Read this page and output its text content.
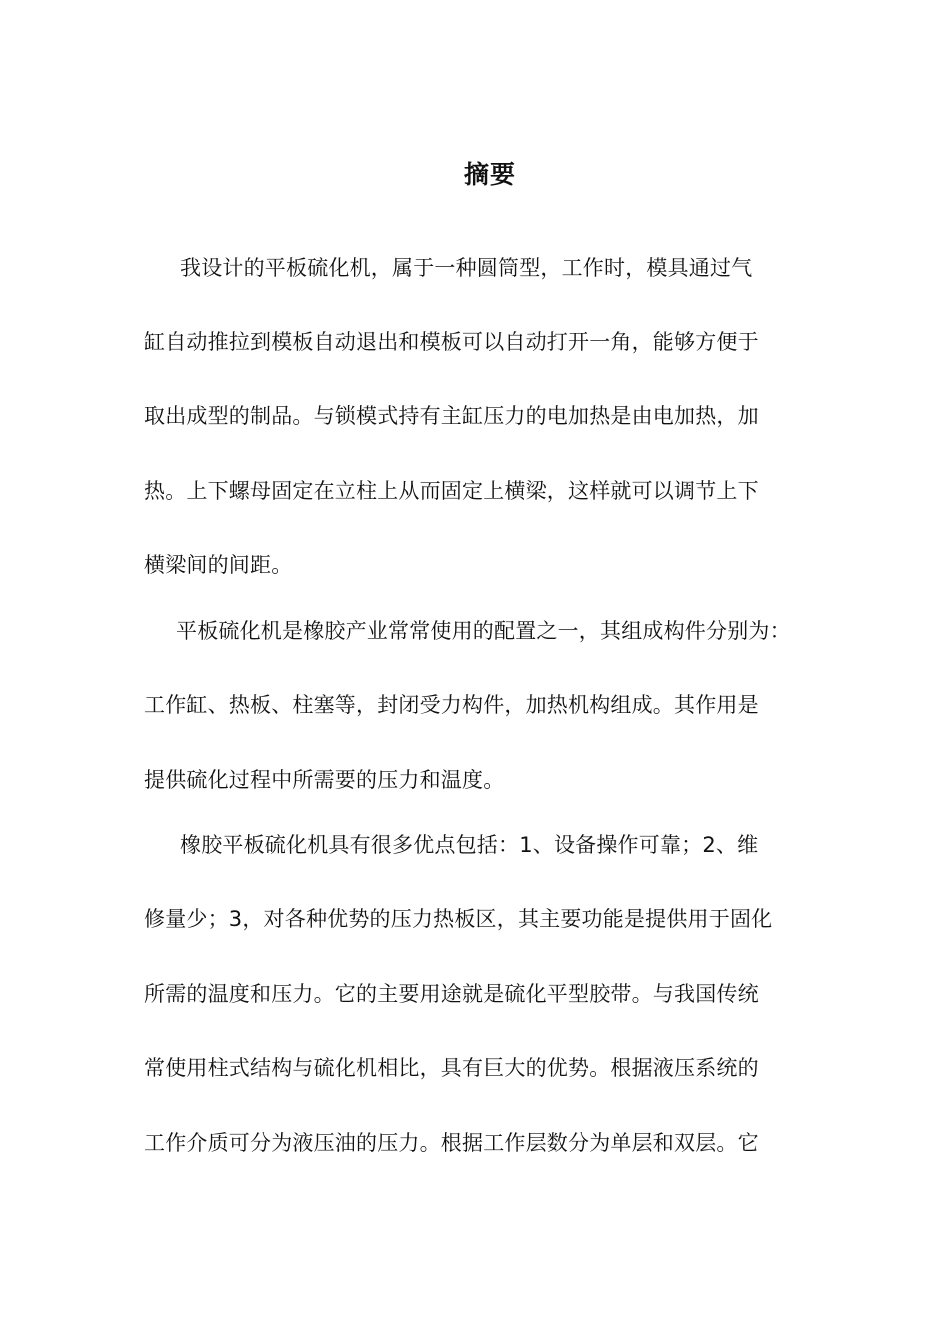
摘要
我设计的平板硫化机，属于一种圆筒型，工作时，模具通过气
缸自动推拉到模板自动退出和模板可以自动打开一角，能够方便于
取出成型的制品。与锁模式持有主缸压力的电加热是由电加热，加
热。上下螺母固定在立柱上从而固定上横梁，这样就可以调节上下
横梁间的间距。
平板硫化机是橡胶产业常常使用的配置之一，其组成构件分别为：
工作缸、热板、柱塞等，封闭受力构件，加热机构组成。其作用是
提供硫化过程中所需要的压力和温度。
橡胶平板硫化机具有很多优点包括：1、设备操作可靠；2、维
修量少；3，对各种优势的压力热板区，其主要功能是提供用于固化
所需的温度和压力。它的主要用途就是硫化平型胶带。与我国传统
常使用柱式结构与硫化机相比，具有巨大的优势。根据液压系统的
工作介质可分为液压油的压力。根据工作层数分为单层和双层。它
